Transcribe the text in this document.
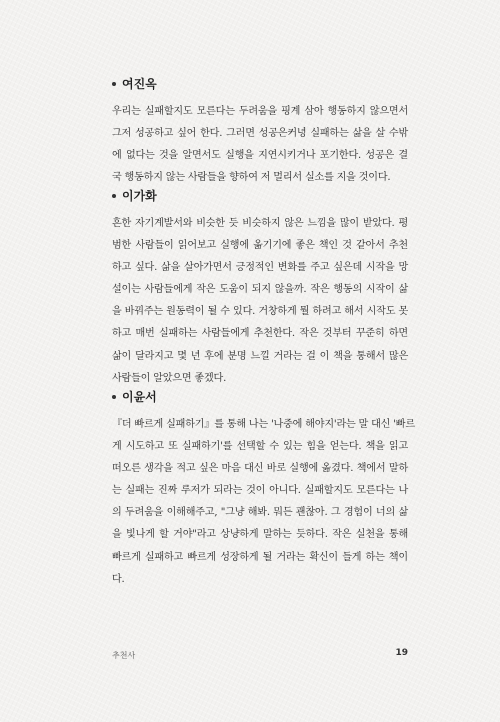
여진옥
우리는 실패할지도 모른다는 두려움을 핑계 삼아 행동하지 않으면서
그저 성공하고 싶어 한다. 그러면 성공은커녕 실패하는 삶을 살 수밖
에 없다는 것을 알면서도 실행을 지연시키거나 포기한다. 성공은 결
국 행동하지 않는 사람들을 향하여 저 멀리서 실소를 지을 것이다.
이가화
흔한 자기계발서와 비슷한 듯 비슷하지 않은 느낌을 많이 받았다. 평
범한 사람들이 읽어보고 실행에 옮기기에 좋은 책인 것 같아서 추천
하고 싶다. 삶을 살아가면서 긍정적인 변화를 주고 싶은데 시작을 망
설이는 사람들에게 작은 도움이 되지 않을까. 작은 행동의 시작이 삶
을 바꿔주는 원동력이 될 수 있다. 거창하게 뭘 하려고 해서 시작도 못
하고 매번 실패하는 사람들에게 추천한다. 작은 것부터 꾸준히 하면
삶이 달라지고 몇 년 후에 분명 느낄 거라는 걸 이 책을 통해서 많은
사람들이 알았으면 좋겠다.
이윤서
『더 빠르게 실패하기』를 통해 나는 '나중에 해야지'라는 말 대신 '빠르
게 시도하고 또 실패하기'를 선택할 수 있는 힘을 얻는다. 책을 읽고
떠오른 생각을 적고 싶은 마음 대신 바로 실행에 옮겼다. 책에서 말하
는 실패는 진짜 루저가 되라는 것이 아니다. 실패할지도 모른다는 나
의 두려움을 이해해주고, "그냥 해봐. 뭐든 괜찮아. 그 경험이 너의 삶
을 빛나게 할 거야"라고 상냥하게 말하는 듯하다. 작은 실천을 통해
빠르게 실패하고 빠르게 성장하게 될 거라는 확신이 들게 하는 책이
다.
추천사	19
